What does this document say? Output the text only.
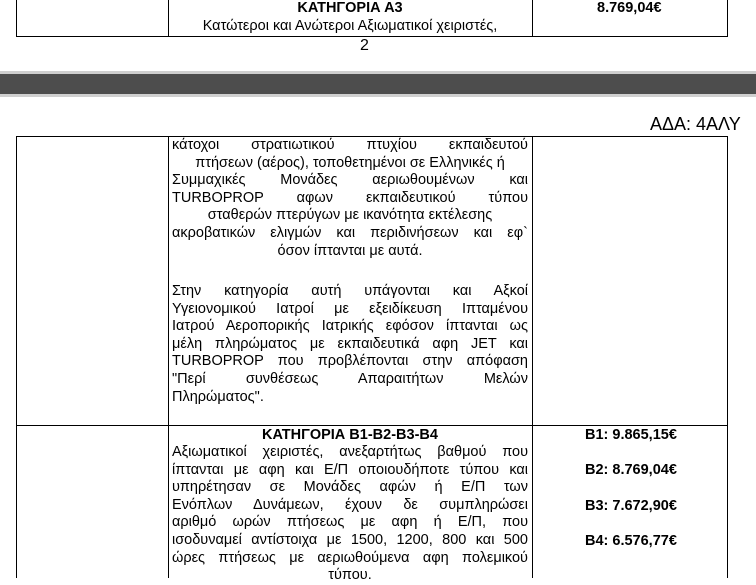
ΚΑΤΗΓΟΡΙΑ Α3
Κατώτεροι και Ανώτεροι Αξιωματικοί χειριστές,
8.769,04€
2
ΑΔΑ: 4ΑΛΥ
κάτοχοι στρατιωτικού πτυχίου εκπαιδευτού
πτήσεων (αέρος), τοποθετημένοι σε Ελληνικές ή
Συμμαχικές Μονάδες αεριωθουμένων και
TURBOPROP αφων εκπαιδευτικού τύπου
σταθερών πτερύγων με ικανότητα εκτέλεσης
ακροβατικών ελιγμών και περιδινήσεων και εφ`
όσον ίπτανται με αυτά.
Στην κατηγορία αυτή υπάγονται και Αξκοί
Υγειονομικού Ιατροί με εξειδίκευση Ιπταμένου
Ιατρού Αεροπορικής Ιατρικής εφόσον ίπτανται ως
μέλη πληρώματος με εκπαιδευτικά αφη JET και
TURBOPROP που προβλέπονται στην απόφαση
"Περί συνθέσεως Απαραιτήτων Μελών
Πληρώματος".
ΚΑΤΗΓΟΡΙΑ Β1-Β2-Β3-Β4
Αξιωματικοί χειριστές, ανεξαρτήτως βαθμού που
ίπτανται με αφη και Ε/Π οποιουδήποτε τύπου και
υπηρέτησαν σε Μονάδες αφών ή Ε/Π των
Ενόπλων Δυνάμεων, έχουν δε συμπληρώσει
αριθμό ωρών πτήσεως με αφη ή Ε/Π, που
ισοδυναμεί αντίστοιχα με 1500, 1200, 800 και 500
ώρες πτήσεως με αεριωθούμενα αφη πολεμικού
τύπου.
Β1: 9.865,15€
Β2: 8.769,04€
Β3: 7.672,90€
Β4: 6.576,77€
